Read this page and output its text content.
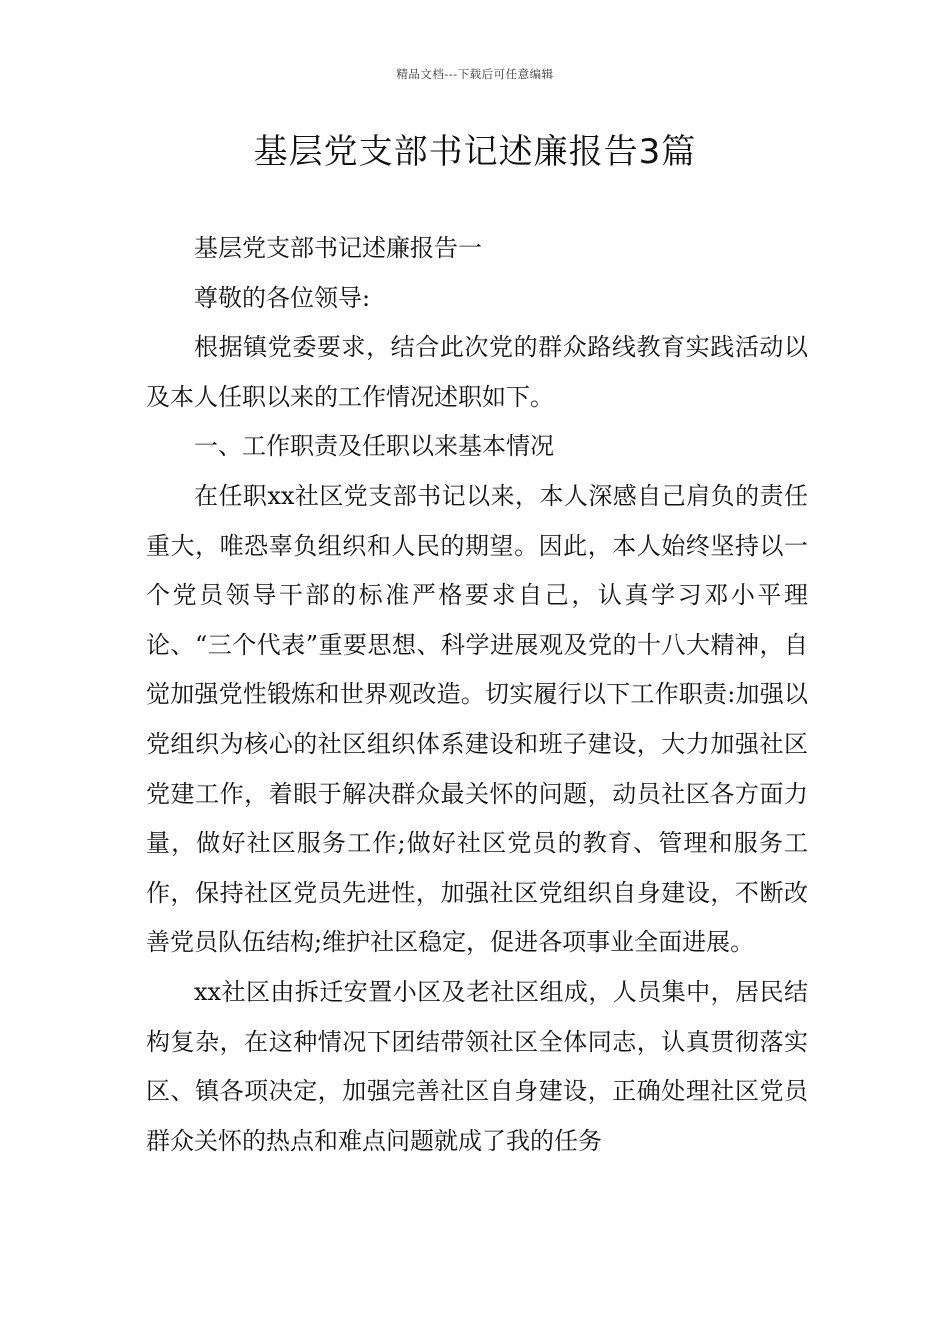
精品文档---下载后可任意编辑
基层党支部书记述廉报告3篇

基层党支部书记述廉报告一

尊敬的各位领导:

根据镇党委要求，结合此次党的群众路线教育实践活动以及本人任职以来的工作情况述职如下。

一、工作职责及任职以来基本情况

在任职xx社区党支部书记以来，本人深感自己肩负的责任重大，唯恐辜负组织和人民的期望。因此，本人始终坚持以一个党员领导干部的标准严格要求自己，认真学习邓小平理论、“三个代表”重要思想、科学进展观及党的十八大精神，自觉加强党性锻炼和世界观改造。切实履行以下工作职责:加强以党组织为核心的社区组织体系建设和班子建设，大力加强社区党建工作，着眼于解决群众最关怀的问题，动员社区各方面力量，做好社区服务工作;做好社区党员的教育、管理和服务工作，保持社区党员先进性，加强社区党组织自身建设，不断改善党员队伍结构;维护社区稳定，促进各项事业全面进展。

xx社区由拆迁安置小区及老社区组成，人员集中，居民结构复杂，在这种情况下团结带领社区全体同志，认真贯彻落实区、镇各项决定，加强完善社区自身建设，正确处理社区党员群众关怀的热点和难点问题就成了我的任务
